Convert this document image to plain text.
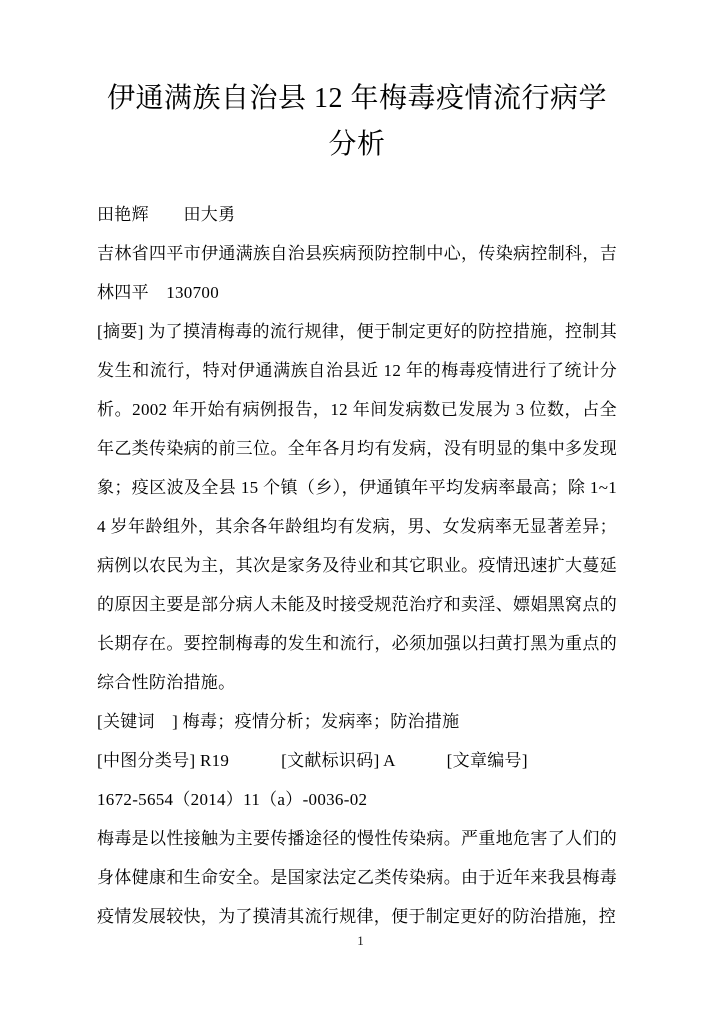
伊通满族自治县 12 年梅毒疫情流行病学分析

田艳辉　　田大勇

吉林省四平市伊通满族自治县疾病预防控制中心，传染病控制科，吉林四平　130700

[摘要] 为了摸清梅毒的流行规律，便于制定更好的防控措施，控制其发生和流行，特对伊通满族自治县近 12 年的梅毒疫情进行了统计分析。2002 年开始有病例报告，12 年间发病数已发展为 3 位数，占全年乙类传染病的前三位。全年各月均有发病，没有明显的集中多发现象；疫区波及全县 15 个镇（乡），伊通镇年平均发病率最高；除 1~14 岁年龄组外，其余各年龄组均有发病，男、女发病率无显著差异；病例以农民为主，其次是家务及待业和其它职业。疫情迅速扩大蔓延的原因主要是部分病人未能及时接受规范治疗和卖淫、嫖娼黑窝点的长期存在。要控制梅毒的发生和流行，必须加强以扫黄打黑为重点的综合性防治措施。

[关键词　] 梅毒；疫情分析；发病率；防治措施

[中图分类号] R19　　　[文献标识码] A　　　[文章编号]

1672-5654（2014）11（a）-0036-02

梅毒是以性接触为主要传播途径的慢性传染病。严重地危害了人们的身体健康和生命安全。是国家法定乙类传染病。由于近年来我县梅毒疫情发展较快，为了摸清其流行规律，便于制定更好的防治措施，控

1
